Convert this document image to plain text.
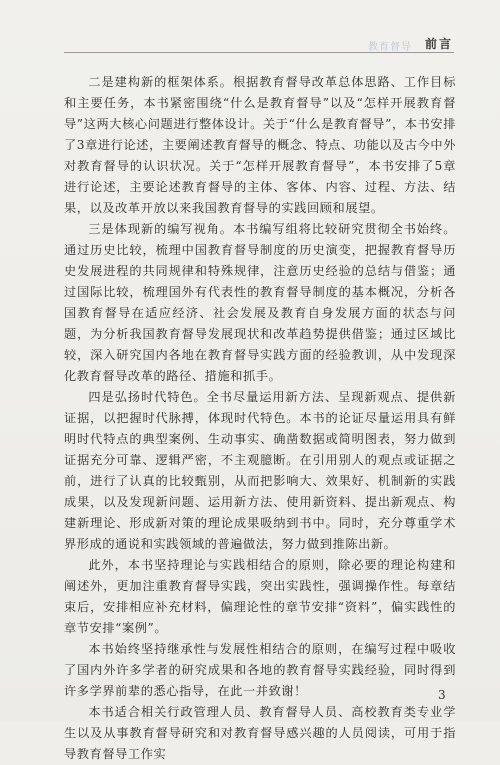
教育督导 前言

二是建构新的框架体系。根据教育督导改革总体思路、工作目标和主要任务，本书紧密围绕“什么是教育督导”以及“怎样开展教育督导”这两大核心问题进行整体设计。关于“什么是教育督导”，本书安排了3章进行论述，主要阐述教育督导的概念、特点、功能以及古今中外对教育督导的认识状况。关于“怎样开展教育督导”，本书安排了5章进行论述，主要论述教育督导的主体、客体、内容、过程、方法、结果，以及改革开放以来我国教育督导的实践回顾和展望。

三是体现新的编写视角。本书编写组将比较研究贯彻全书始终。通过历史比较，梳理中国教育督导制度的历史演变，把握教育督导历史发展进程的共同规律和特殊规律，注意历史经验的总结与借鉴；通过国际比较，梳理国外有代表性的教育督导制度的基本概况，分析各国教育督导在适应经济、社会发展及教育自身发展方面的状态与问题，为分析我国教育督导发展现状和改革趋势提供借鉴；通过区域比较，深入研究国内各地在教育督导实践方面的经验教训，从中发现深化教育督导改革的路径、措施和抓手。

四是弘扬时代特色。全书尽量运用新方法、呈现新观点、提供新证据，以把握时代脉搏，体现时代特色。本书的论证尽量运用具有鲜明时代特点的典型案例、生动事实、确凿数据或简明图表，努力做到证据充分可靠、逻辑严密，不主观臆断。在引用别人的观点或证据之前，进行了认真的比较甄别，从而把影响大、效果好、机制新的实践成果，以及发现新问题、运用新方法、使用新资料、提出新观点、构建新理论、形成新对策的理论成果吸纳到书中。同时，充分尊重学术界形成的通说和实践领域的普遍做法，努力做到推陈出新。

此外，本书坚持理论与实践相结合的原则，除必要的理论构建和阐述外，更加注重教育督导实践，突出实践性，强调操作性。每章结束后，安排相应补充材料，偏理论性的章节安排“资料”，偏实践性的章节安排“案例”。

本书始终坚持继承性与发展性相结合的原则，在编写过程中吸收了国内外许多学者的研究成果和各地的教育督导实践经验，同时得到许多学界前辈的悉心指导，在此一并致谢！

本书适合相关行政管理人员、教育督导人员、高校教育类专业学生以及从事教育督导研究和对教育督导感兴趣的人员阅读，可用于指导教育督导工作实

3
